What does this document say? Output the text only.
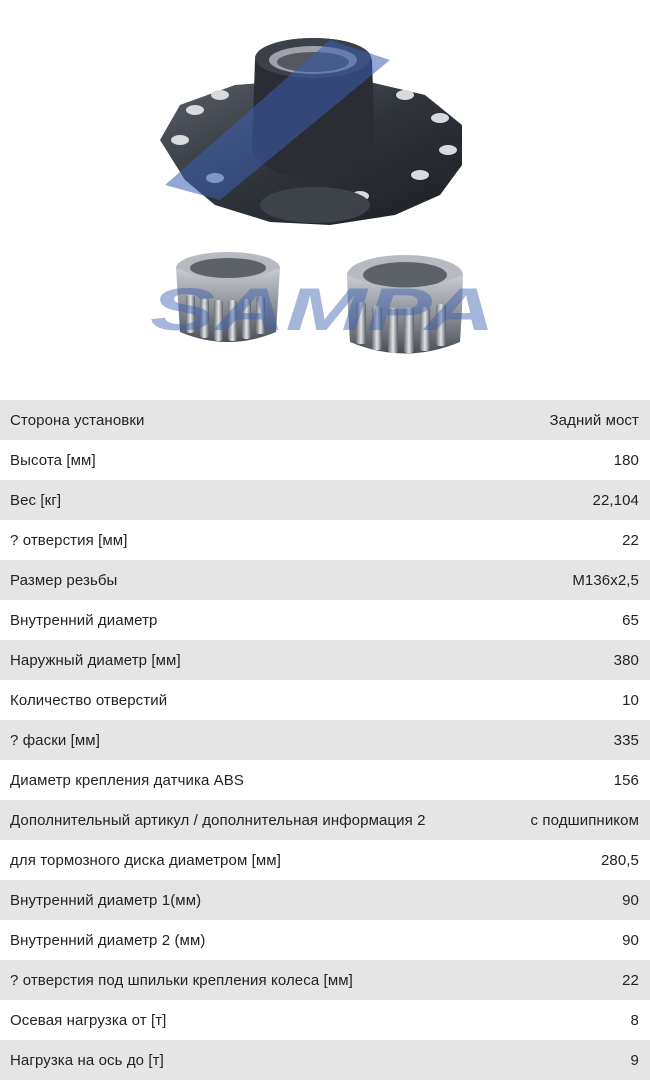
SAMPA
Сторона установки	Задний мост
Высота [мм]	180
Вес [кг]	22,104
? отверстия [мм]	22
Размер резьбы	M136x2,5
Внутренний диаметр	65
Наружный диаметр [мм]	380
Количество отверстий	10
? фаски [мм]	335
Диаметр крепления датчика ABS	156
Дополнительный артикул / дополнительная информация 2	с подшипником
для тормозного диска диаметром [мм]	280,5
Внутренний диаметр 1(мм)	90
Внутренний диаметр 2 (мм)	90
? отверстия под шпильки крепления колеса [мм]	22
Осевая нагрузка от [т]	8
Нагрузка на ось до [т]	9
